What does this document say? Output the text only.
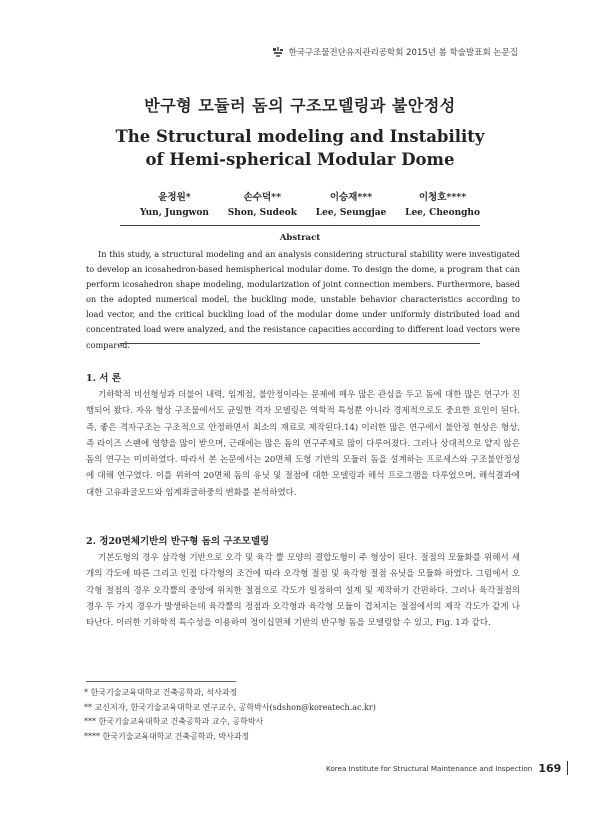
한국구조물진단유지관리공학회 2015년 봄 학술발표회 논문집
반구형 모듈러 돔의 구조모델링과 불안정성
The Structural modeling and Instability
of Hemi-spherical Modular Dome
윤정원*
Yun, Jungwon
손수덕**
Shon, Sudeok
이승재***
Lee, Seungjae
이청호****
Lee, Cheongho
Abstract
In this study, a structural modeling and an analysis considering structural stability were investigated to develop an icosahedron-based hemispherical modular dome. To design the dome, a program that can perform icosahedron shape modeling, modularization of joint connection members. Furthermore, based on the adopted numerical model, the buckling mode, unstable behavior characteristics according to load vector, and the critical buckling load of the modular dome under uniformly distributed load and concentrated load were analyzed, and the resistance capacities according to different load vectors were compared.
1. 서 론
기하학적 비선형성과 더불어 내력, 임계점, 불안정이라는 문제에 매우 많은 관심을 두고 돔에 대한 많은 연구가 진행되어 왔다. 자유 형상 구조물에서도 균일한 격자 모델링은 역학적 특성뿐 아니라 경제적으로도 중요한 요인이 된다. 즉, 좋은 격자구조는 구조적으로 안정하면서 최소의 재료로 제작된다.14) 이러한 많은 연구에서 불안정 현상은 형상, 즉 라이즈 스팬에 영향을 많이 받으며, 근래에는 많은 돔의 연구주제로 많이 다루어졌다. 그러나 상대적으로 얕지 않은 돔의 연구는 미비하였다. 따라서 본 논문에서는 20면체 도형 기반의 모듈러 돔을 설계하는 프로세스와 구조불안정성에 대해 연구였다. 이를 위하여 20면체 돔의 유닛 및 절점에 대한 모델링과 해석 프로그램을 다루었으며, 해석결과에 대한 고유좌굴모드와 임계좌굴하중의 변화를 분석하였다.
2. 정20면체기반의 반구형 돔의 구조모델링
기본도형의 경우 삼각형 기반으로 오각 및 육각 뿔 모양의 결합도형이 주 형상이 된다. 절점의 모듈화를 위해서 세 개의 각도에 따른 그리고 인접 다각형의 조건에 따라 오각형 절점 및 육각형 절점 유닛을 모듈화 하였다. 그림에서 오각형 절점의 경우 오각뿔의 중앙에 위치한 절점으로 각도가 일정하여 설계 및 제작하기 간편하다. 그러나 육각절점의 경우 두 가지 경우가 발생하는데 육각뿔의 정점과 오각형과 육각형 모듈이 겹쳐지는 절점에서의 제작 각도가 같게 나타난다. 이러한 기하학적 특수성을 이용하여 정이십면체 기반의 반구형 돔을 모델링할 수 있고, Fig. 1과 같다.
* 한국기술교육대학교 건축공학과, 석사과정
** 교신저자, 한국기술교육대학교 연구교수, 공학박사(sdshon@koreatech.ac.kr)
*** 한국기술교육대학교 건축공학과 교수, 공학박사
**** 한국기술교육대학교 건축공학과, 박사과정
Korea Institute for Structural Maintenance and Inspection 169
